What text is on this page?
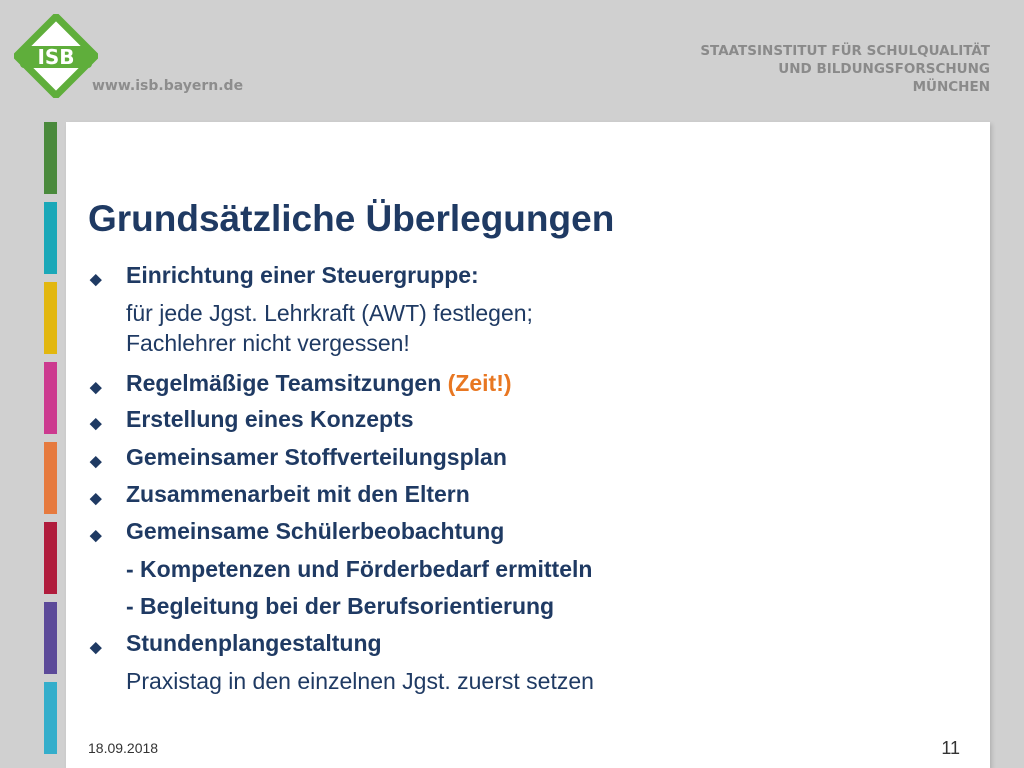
ISB
www.isb.bayern.de
STAATSINSTITUT FÜR SCHULQUALITÄT
UND BILDUNGSFORSCHUNG
MÜNCHEN
Grundsätzliche Überlegungen
◆ Einrichtung einer Steuergruppe:
für jede Jgst. Lehrkraft (AWT) festlegen;
Fachlehrer nicht vergessen!
◆ Regelmäßige Teamsitzungen (Zeit!)
◆ Erstellung eines Konzepts
◆ Gemeinsamer Stoffverteilungsplan
◆ Zusammenarbeit mit den Eltern
◆ Gemeinsame Schülerbeobachtung
- Kompetenzen und Förderbedarf ermitteln
- Begleitung bei der Berufsorientierung
◆ Stundenplangestaltung
Praxistag in den einzelnen Jgst. zuerst setzen
18.09.2018	11
